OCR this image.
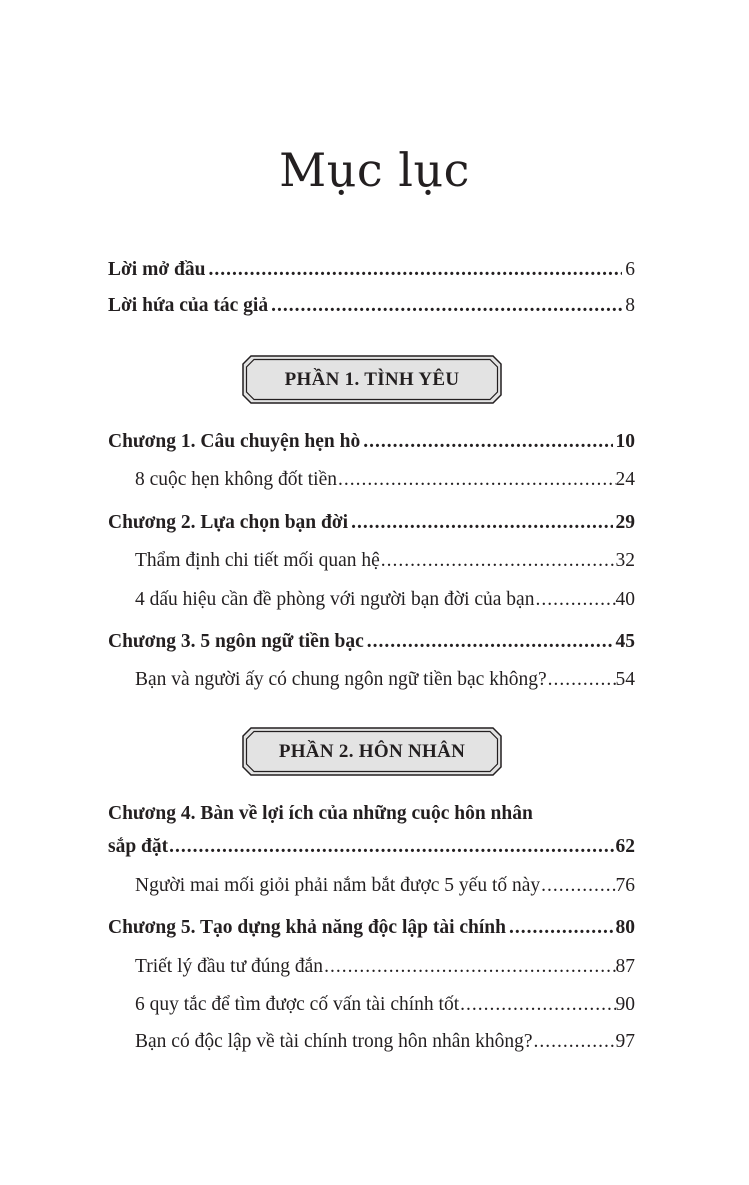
Mục lục
Lời mở đầu .....	6
Lời hứa của tác giả .....	8
PHẦN 1. TÌNH YÊU
Chương 1. Câu chuyện hẹn hò .....	10
8 cuộc hẹn không đốt tiền .....	24
Chương 2. Lựa chọn bạn đời .....	29
Thẩm định chi tiết mối quan hệ .....	32
4 dấu hiệu cần đề phòng với người bạn đời của bạn .....	40
Chương 3. 5 ngôn ngữ tiền bạc .....	45
Bạn và người ấy có chung ngôn ngữ tiền bạc không? .....	54
PHẦN 2. HÔN NHÂN
Chương 4. Bàn về lợi ích của những cuộc hôn nhân
sắp đặt .....	62
Người mai mối giỏi phải nắm bắt được 5 yếu tố này .....	76
Chương 5. Tạo dựng khả năng độc lập tài chính .....	80
Triết lý đầu tư đúng đắn .....	87
6 quy tắc để tìm được cố vấn tài chính tốt .....	90
Bạn có độc lập về tài chính trong hôn nhân không? .....	97
